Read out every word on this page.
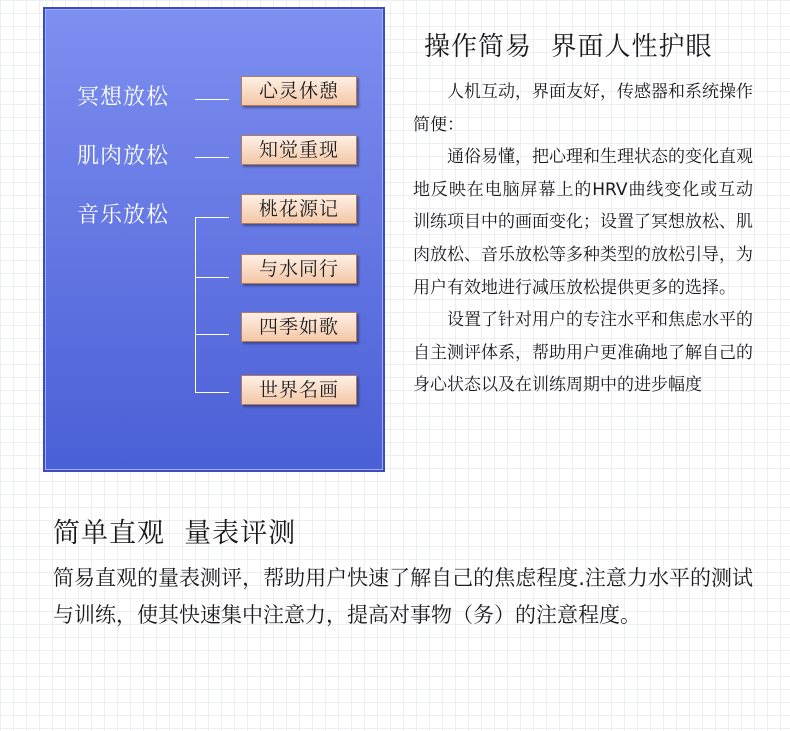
冥想放松	心灵休憩
肌肉放松	知觉重现
音乐放松	桃花源记
与水同行
四季如歌
世界名画
操作简易  界面人性护眼

人机互动，界面友好，传感器和系统操作简便：

通俗易懂，把心理和生理状态的变化直观地反映在电脑屏幕上的HRV曲线变化或互动训练项目中的画面变化；设置了冥想放松、肌肉放松、音乐放松等多种类型的放松引导，为用户有效地进行减压放松提供更多的选择。

设置了针对用户的专注水平和焦虑水平的自主测评体系，帮助用户更准确地了解自己的身心状态以及在训练周期中的进步幅度

简单直观  量表评测

简易直观的量表测评，帮助用户快速了解自己的焦虑程度.注意力水平的测试与训练，使其快速集中注意力，提高对事物（务）的注意程度。
